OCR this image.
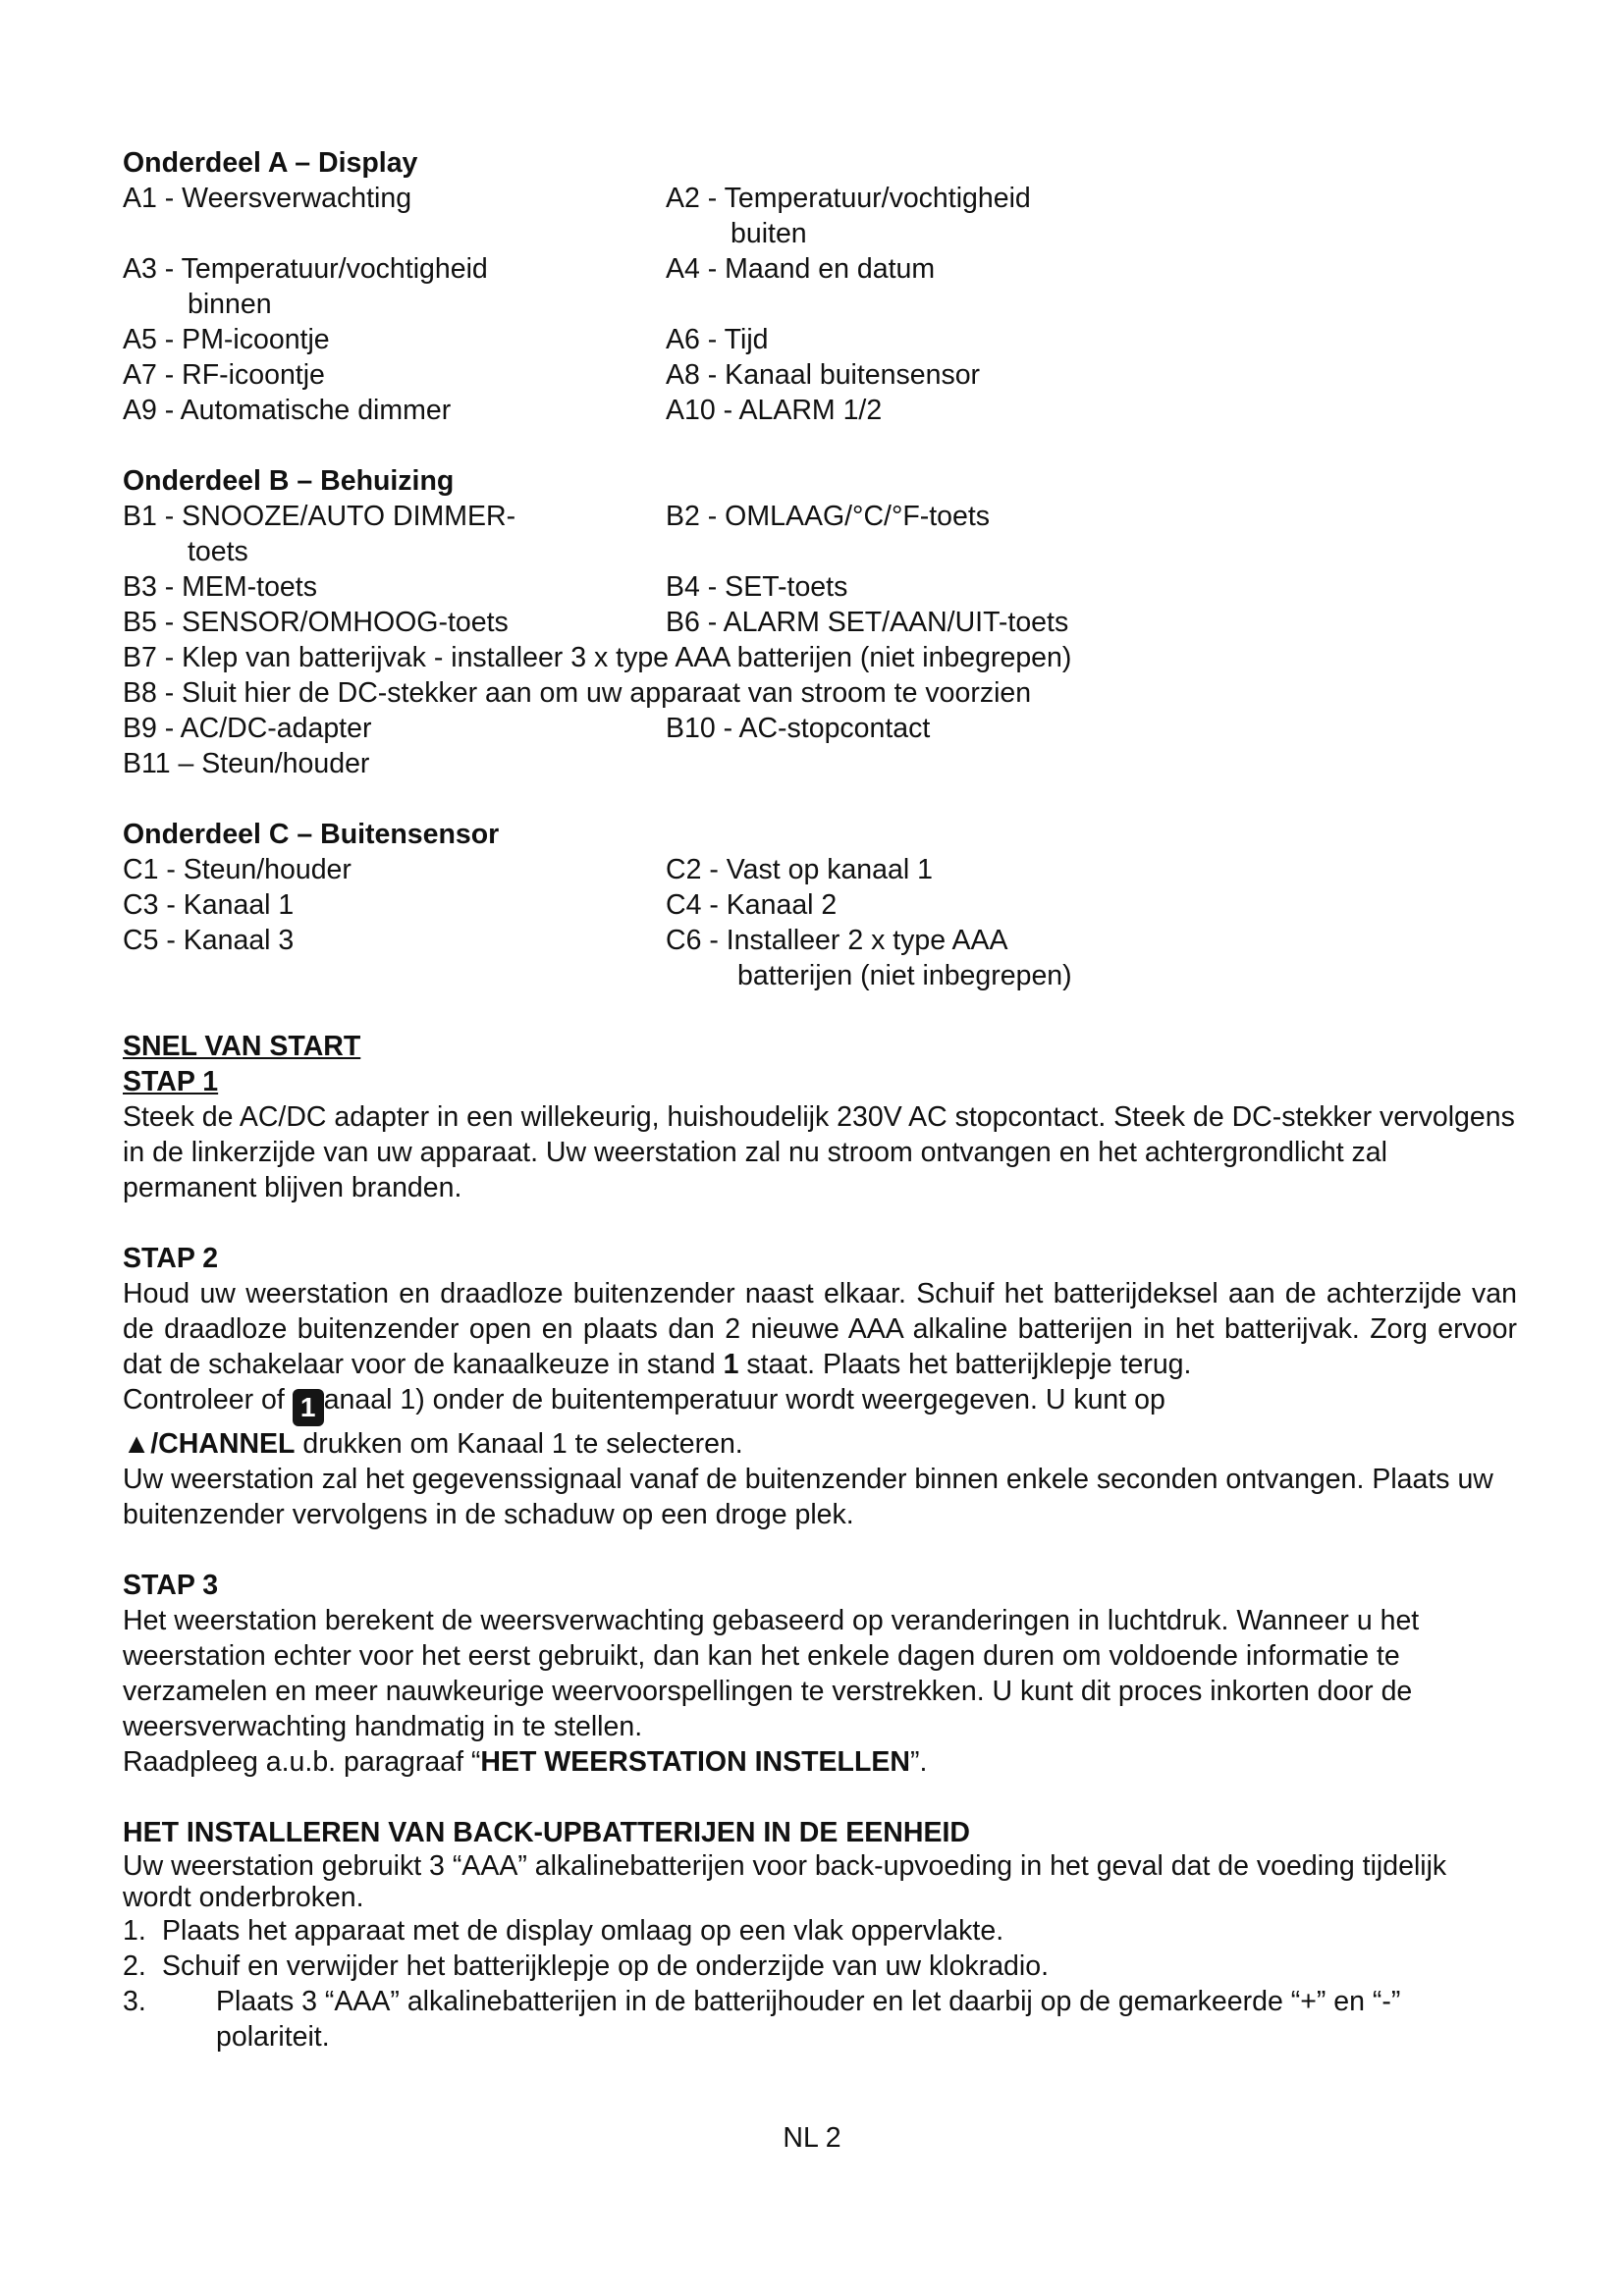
Onderdeel A – Display

A1 - Weersverwachting	A2 - Temperatuur/vochtigheid
buiten
A3 - Temperatuur/vochtigheid	A4 - Maand en datum
binnen
A5 - PM-icoontje	A6 - Tijd
A7 - RF-icoontje	A8 - Kanaal buitensensor
A9 - Automatische dimmer	A10 - ALARM 1/2

Onderdeel B – Behuizing

B1 - SNOOZE/AUTO DIMMER-	B2 - OMLAAG/°C/°F-toets
toets
B3 - MEM-toets	B4 - SET-toets
B5 - SENSOR/OMHOOG-toets	B6 - ALARM SET/AAN/UIT-toets
B7 - Klep van batterijvak - installeer 3 x type AAA batterijen (niet inbegrepen)
B8 - Sluit hier de DC-stekker aan om uw apparaat van stroom te voorzien
B9 - AC/DC-adapter	B10 - AC-stopcontact
B11 – Steun/houder

Onderdeel C – Buitensensor

C1 - Steun/houder	C2 - Vast op kanaal 1
C3 - Kanaal 1	C4 - Kanaal 2
C5 - Kanaal 3	C6 - Installeer 2 x type AAA
batterijen (niet inbegrepen)

SNEL VAN START

STAP 1

Steek de AC/DC adapter in een willekeurig, huishoudelijk 230V AC stopcontact. Steek de DC-stekker vervolgens in de linkerzijde van uw apparaat. Uw weerstation zal nu stroom ontvangen en het achtergrondlicht zal permanent blijven branden.

STAP 2

Houd uw weerstation en draadloze buitenzender naast elkaar. Schuif het batterijdeksel aan de achterzijde van de draadloze buitenzender open en plaats dan 2 nieuwe AAA alkaline batterijen in het batterijvak. Zorg ervoor dat de schakelaar voor de kanaalkeuze in stand 1 staat. Plaats het batterijklepje terug.

Controleer of 1 anaal 1) onder de buitentemperatuur wordt weergegeven. U kunt op
▲/CHANNEL drukken om Kanaal 1 te selecteren.

Uw weerstation zal het gegevenssignaal vanaf de buitenzender binnen enkele seconden ontvangen. Plaats uw buitenzender vervolgens in de schaduw op een droge plek.

STAP 3

Het weerstation berekent de weersverwachting gebaseerd op veranderingen in luchtdruk. Wanneer u het weerstation echter voor het eerst gebruikt, dan kan het enkele dagen duren om voldoende informatie te verzamelen en meer nauwkeurige weervoorspellingen te verstrekken. U kunt dit proces inkorten door de weersverwachting handmatig in te stellen.

Raadpleeg a.u.b. paragraaf “HET WEERSTATION INSTELLEN”.

HET INSTALLEREN VAN BACK-UPBATTERIJEN IN DE EENHEID

Uw weerstation gebruikt 3 “AAA” alkalinebatterijen voor back-upvoeding in het geval dat de voeding tijdelijk wordt onderbroken.

1. Plaats het apparaat met de display omlaag op een vlak oppervlakte.
2. Schuif en verwijder het batterijklepje op de onderzijde van uw klokradio.
3.	Plaats 3 “AAA” alkalinebatterijen in de batterijhouder en let daarbij op de gemarkeerde “+” en “-” polariteit.
NL 2
